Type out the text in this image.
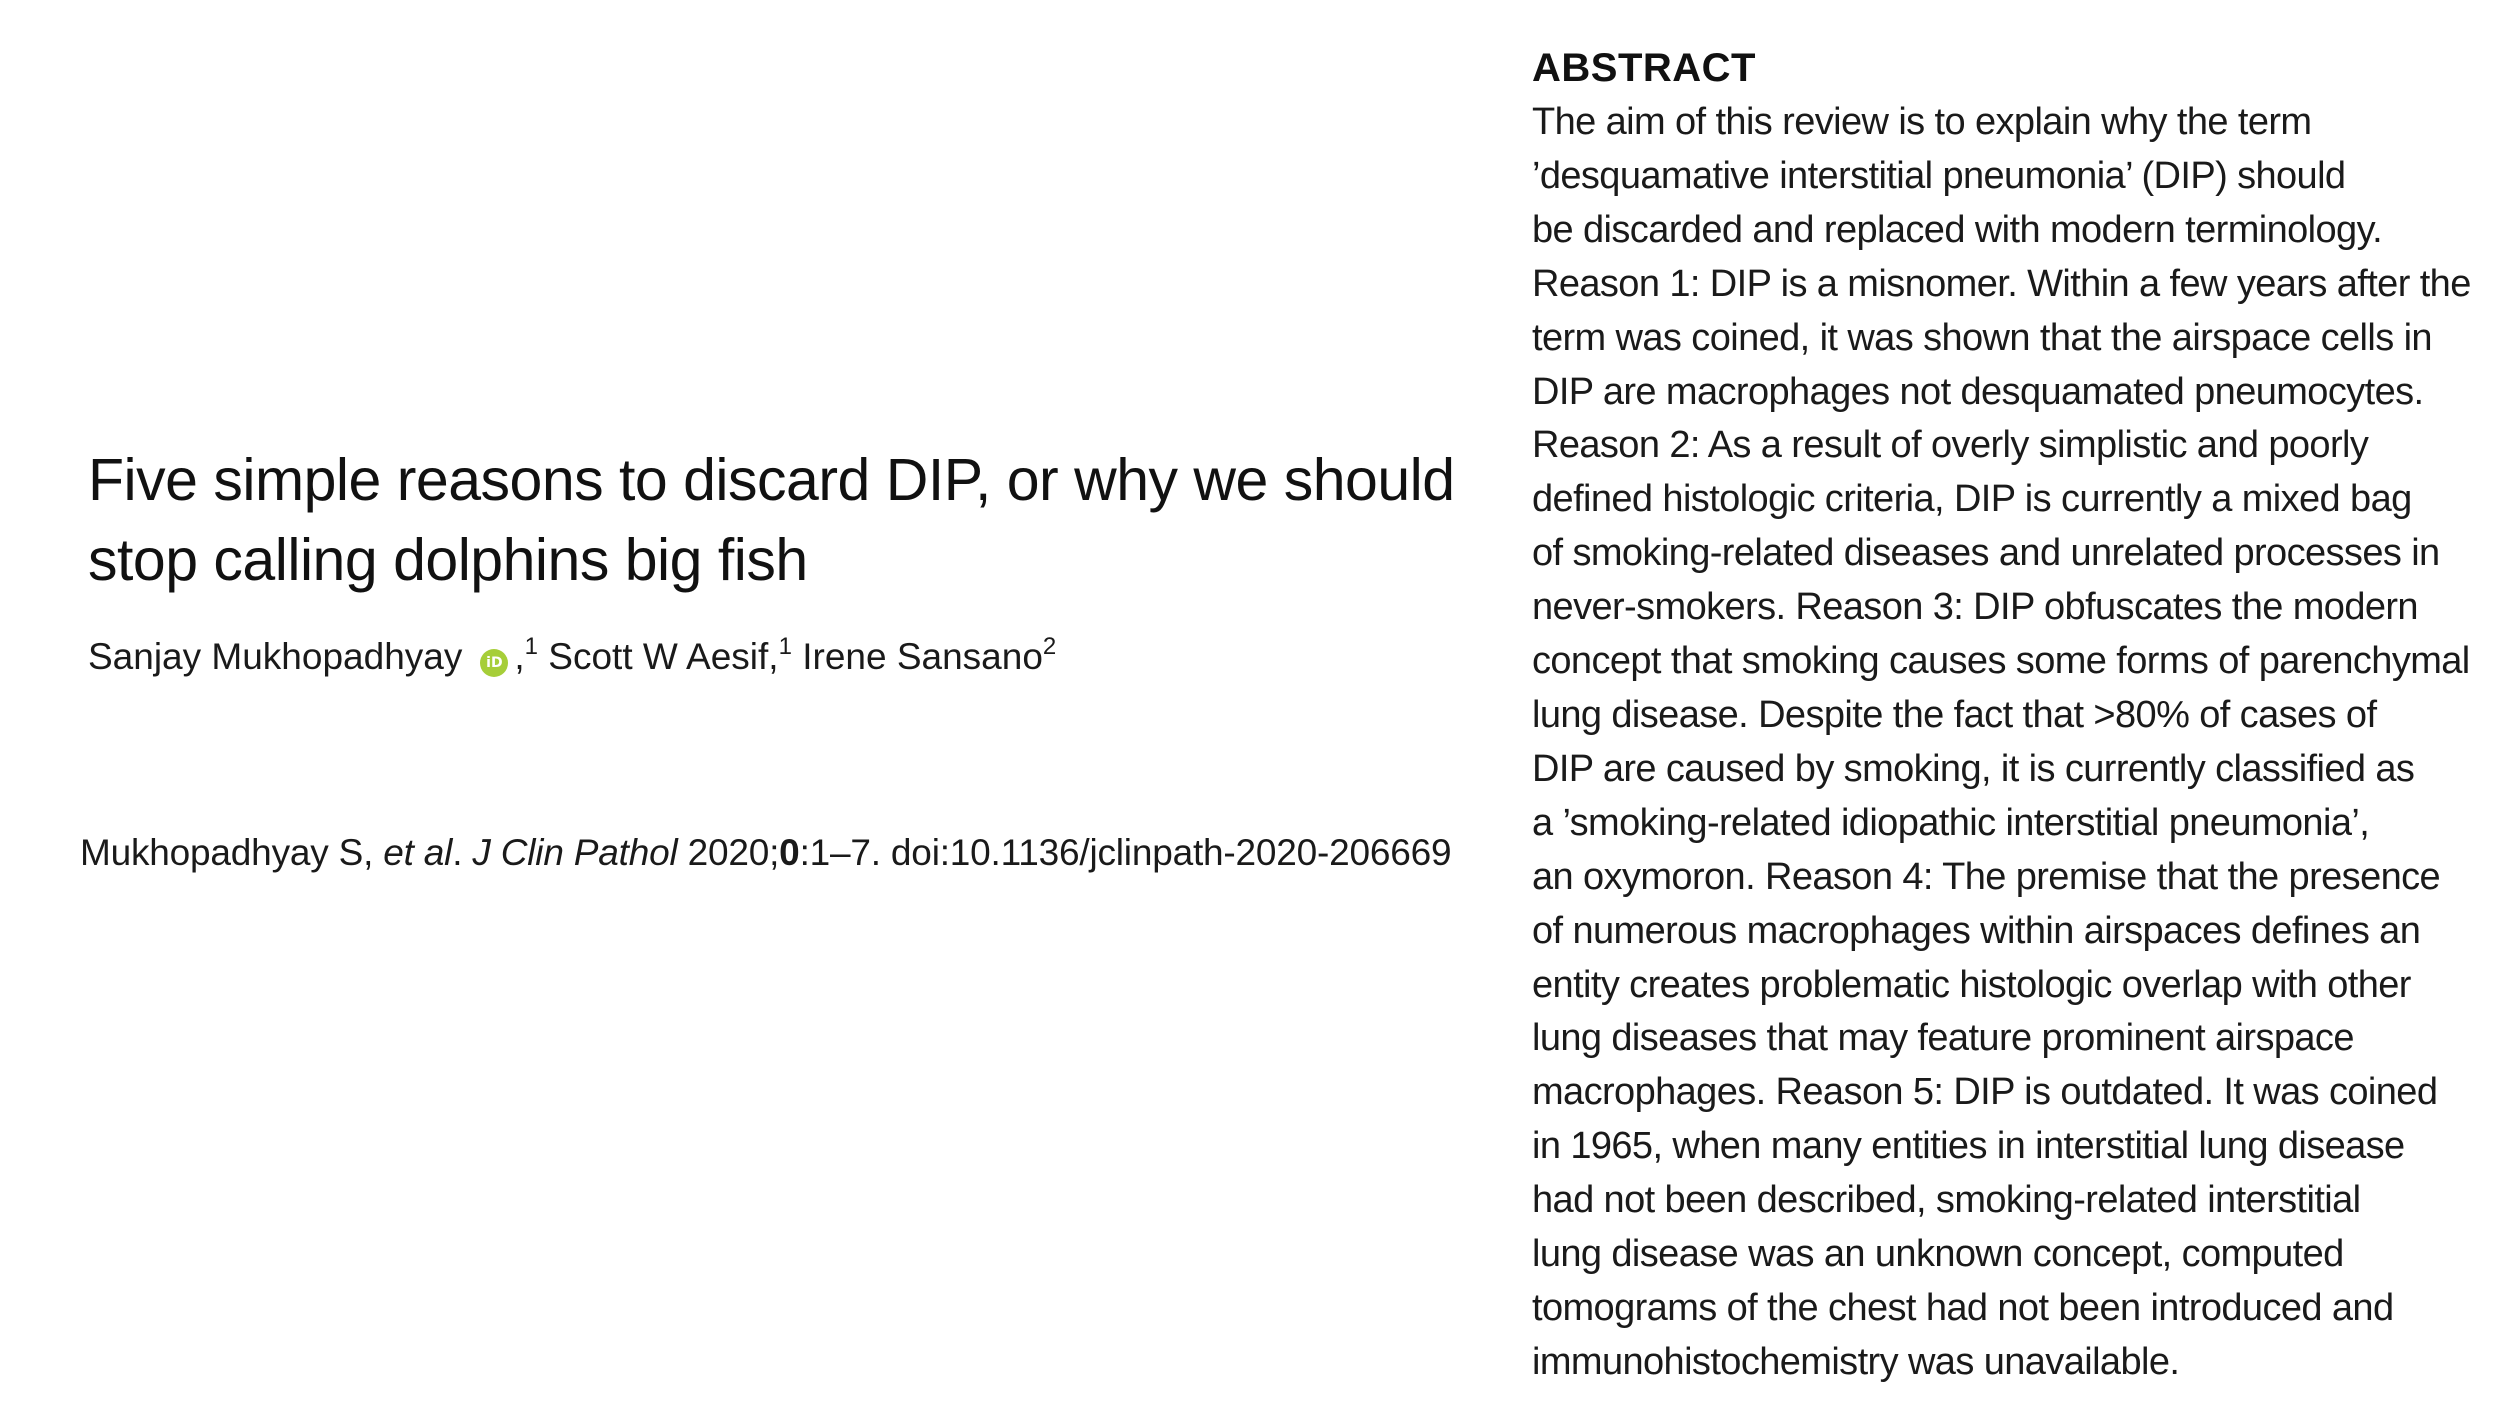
Five simple reasons to discard DIP, or why we should
stop calling dolphins big fish
Sanjay Mukhopadhyay iD ,$^1$ Scott W Aesif,$^1$ Irene Sansano$^2$
Mukhopadhyay S, et al. J Clin Pathol 2020;0:1–7. doi:10.1136/jclinpath-2020-206669
ABSTRACT
The aim of this review is to explain why the term
’desquamative interstitial pneumonia’ (DIP) should
be discarded and replaced with modern terminology.
Reason 1: DIP is a misnomer. Within a few years after the
term was coined, it was shown that the airspace cells in
DIP are macrophages not desquamated pneumocytes.
Reason 2: As a result of overly simplistic and poorly
defined histologic criteria, DIP is currently a mixed bag
of smoking-related diseases and unrelated processes in
never-smokers. Reason 3: DIP obfuscates the modern
concept that smoking causes some forms of parenchymal
lung disease. Despite the fact that >80% of cases of
DIP are caused by smoking, it is currently classified as
a ’smoking-related idiopathic interstitial pneumonia’,
an oxymoron. Reason 4: The premise that the presence
of numerous macrophages within airspaces defines an
entity creates problematic histologic overlap with other
lung diseases that may feature prominent airspace
macrophages. Reason 5: DIP is outdated. It was coined
in 1965, when many entities in interstitial lung disease
had not been described, smoking-related interstitial
lung disease was an unknown concept, computed
tomograms of the chest had not been introduced and
immunohistochemistry was unavailable.
